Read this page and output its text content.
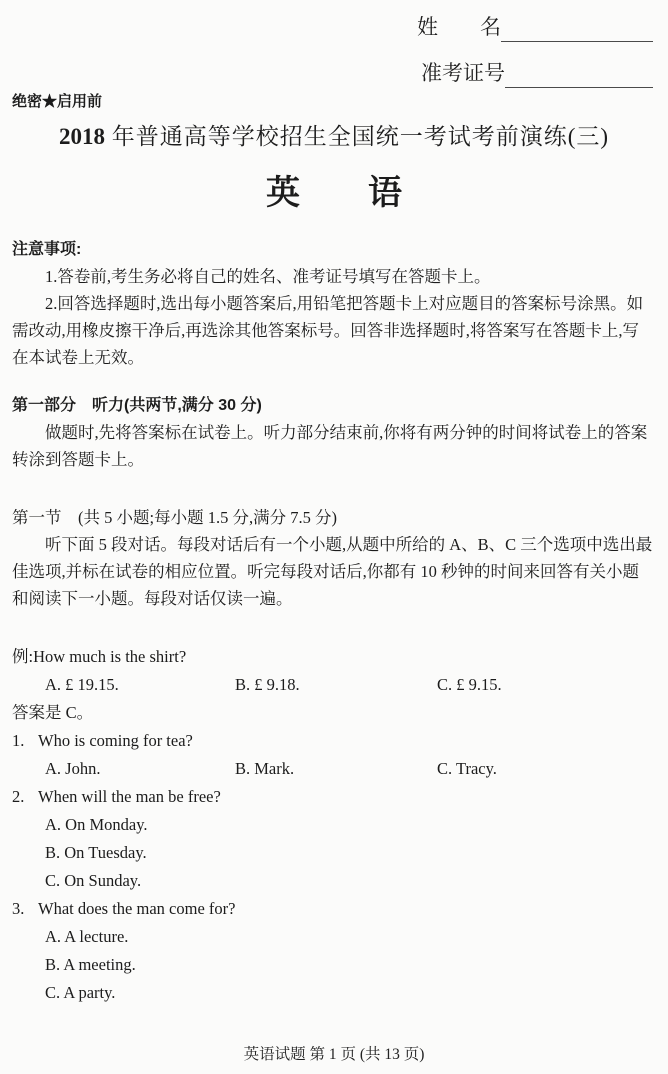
姓　　名
准考证号
绝密★启用前
2018 年普通高等学校招生全国统一考试考前演练(三)
英　　语
注意事项:

1.答卷前,考生务必将自己的姓名、准考证号填写在答题卡上。

2.回答选择题时,选出每小题答案后,用铅笔把答题卡上对应题目的答案标号涂黑。如需改动,用橡皮擦干净后,再选涂其他答案标号。回答非选择题时,将答案写在答题卡上,写在本试卷上无效。

第一部分　听力(共两节,满分 30 分)

做题时,先将答案标在试卷上。听力部分结束前,你将有两分钟的时间将试卷上的答案转涂到答题卡上。

第一节　(共 5 小题;每小题 1.5 分,满分 7.5 分)

听下面 5 段对话。每段对话后有一个小题,从题中所给的 A、B、C 三个选项中选出最佳选项,并标在试卷的相应位置。听完每段对话后,你都有 10 秒钟的时间来回答有关小题和阅读下一小题。每段对话仅读一遍。

例:How much is the shirt?
A. £ 19.15.	B. £ 9.18.	C. £ 9.15.
答案是 C。
1. Who is coming for tea?
A. John.	B. Mark.	C. Tracy.
2. When will the man be free?
A. On Monday.
B. On Tuesday.
C. On Sunday.
3. What does the man come for?
A. A lecture.
B. A meeting.
C. A party.
英语试题 第 1 页 (共 13 页)
